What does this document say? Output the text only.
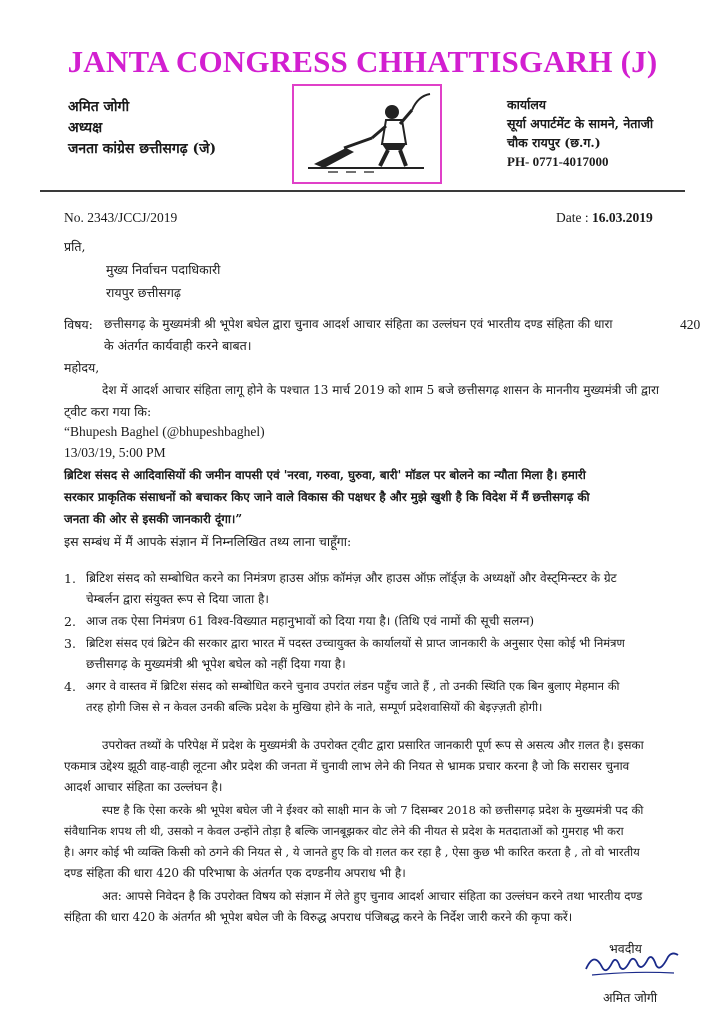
JANTA CONGRESS CHHATTISGARH (J)
अमित जोगी
अध्यक्ष
जनता कांग्रेस छत्तीसगढ़ (जे)
कार्यालय
सूर्या अपार्टमेंट के सामने, नेताजी
चौक रायपुर (छ.ग.)
PH- 0771-4017000
No. 2343/JCCJ/2019	Date : 16.03.2019
प्रति,
मुख्य निर्वाचन पदाधिकारी
रायपुर छत्तीसगढ़
विषय: छत्तीसगढ़ के मुख्यमंत्री श्री भूपेश बघेल द्वारा चुनाव आदर्श आचार संहिता का उल्लंघन एवं भारतीय दण्ड संहिता की धारा	420
के अंतर्गत कार्यवाही करने बाबत।
महोदय,
देश में आदर्श आचार संहिता लागू होने के पश्चात 13 मार्च 2019 को शाम 5 बजे छत्तीसगढ़ शासन के माननीय मुख्यमंत्री जी द्वारा
ट्वीट करा गया कि:
“Bhupesh Baghel (@bhupeshbaghel)
13/03/19, 5:00 PM
ब्रिटिश संसद से आदिवासियों की जमीन वापसी एवं 'नरवा, गरुवा, घुरुवा, बारी' मॉडल पर बोलने का न्यौता मिला है। हमारी
सरकार प्राकृतिक संसाधनों को बचाकर किए जाने वाले विकास की पक्षधर है और मुझे खुशी है कि विदेश में मैं छत्तीसगढ़ की
जनता की ओर से इसकी जानकारी दूंगा।”
इस सम्बंध में मैं आपके संज्ञान में निम्नलिखित तथ्य लाना चाहूँगा:
1. ब्रिटिश संसद को सम्बोधित करने का निमंत्रण हाउस ऑफ़ कॉमंज़ और हाउस ऑफ़ लॉर्ड्ज़ के अध्यक्षों और वेस्ट्मिन्स्टर के ग्रेट
चेम्बर्लन द्वारा संयुक्त रूप से दिया जाता है।
2. आज तक ऐसा निमंत्रण 61 विश्व-विख्यात महानुभावों को दिया गया है। (तिथि एवं नामों की सूची सलग्न)
3. ब्रिटिश संसद एवं ब्रिटेन की सरकार द्वारा भारत में पदस्त उच्चायुक्त के कार्यालयों से प्राप्त जानकारी के अनुसार ऐसा कोई भी निमंत्रण
छत्तीसगढ़ के मुख्यमंत्री श्री भूपेश बघेल को नहीं दिया गया है।
4. अगर वे वास्तव में ब्रिटिश संसद को सम्बोधित करने चुनाव उपरांत लंडन पहुँच जाते हैं , तो उनकी स्थिति एक बिन बुलाए मेहमान की
तरह होगी जिस से न केवल उनकी बल्कि प्रदेश के मुखिया होने के नाते, सम्पूर्ण प्रदेशवासियों की बेइज़्ज़ती होगी।
उपरोक्त तथ्यों के परिपेक्ष में प्रदेश के मुख्यमंत्री के उपरोक्त ट्वीट द्वारा प्रसारित जानकारी पूर्ण रूप से असत्य और ग़लत है। इसका
एकमात्र उद्देश्य झूठी वाह-वाही लूटना और प्रदेश की जनता में चुनावी लाभ लेने की नियत से भ्रामक प्रचार करना है जो कि सरासर चुनाव
आदर्श आचार संहिता का उल्लंघन है।
स्पष्ट है कि ऐसा करके श्री भूपेश बघेल जी ने ईश्वर को साक्षी मान के जो 7 दिसम्बर 2018 को छत्तीसगढ़ प्रदेश के मुख्यमंत्री पद की
संवैधानिक शपथ ली थी, उसको न केवल उन्होंने तोड़ा है बल्कि जानबूझकर वोट लेने की नीयत से प्रदेश के मतदाताओं को गुमराह भी करा
है। अगर कोई भी व्यक्ति किसी को ठगने की नियत से , ये जानते हुए कि वो ग़लत कर रहा है , ऐसा कुछ भी कारित करता है , तो वो भारतीय
दण्ड संहिता की धारा 420 की परिभाषा के अंतर्गत एक दण्डनीय अपराध भी है।
अत: आपसे निवेदन है कि उपरोक्त विषय को संज्ञान में लेते हुए चुनाव आदर्श आचार संहिता का उल्लंघन करने तथा भारतीय दण्ड
संहिता की धारा 420 के अंतर्गत श्री भूपेश बघेल जी के विरुद्ध अपराध पंजिबद्ध करने के निर्देश जारी करने की कृपा करें।
भवदीय
अमित जोगी
